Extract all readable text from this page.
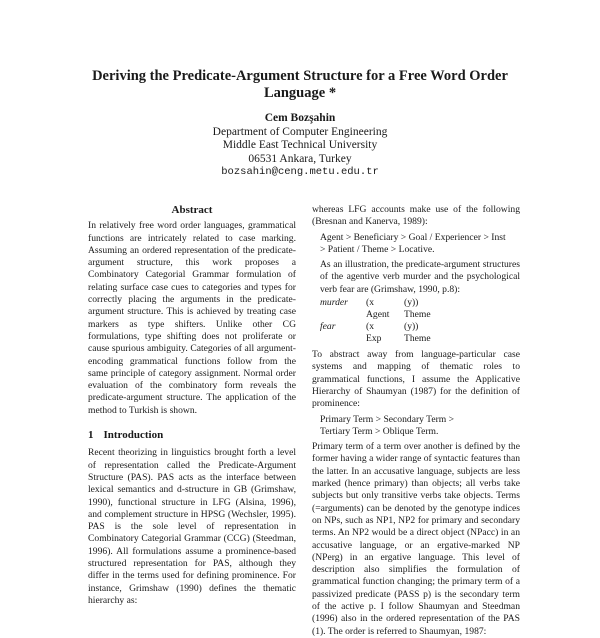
Deriving the Predicate-Argument Structure for a Free Word Order Language *
Cem Bozşahin
Department of Computer Engineering
Middle East Technical University
06531 Ankara, Turkey
bozsahin@ceng.metu.edu.tr
Abstract

In relatively free word order languages, grammatical functions are intricately related to case marking. Assuming an ordered representation of the predicate-argument structure, this work proposes a Combinatory Categorial Grammar formulation of relating surface case cues to categories and types for correctly placing the arguments in the predicate-argument structure. This is achieved by treating case markers as type shifters. Unlike other CG formulations, type shifting does not proliferate or cause spurious ambiguity. Categories of all argument-encoding grammatical functions follow from the same principle of category assignment. Normal order evaluation of the combinatory form reveals the predicate-argument structure. The application of the method to Turkish is shown.

1 Introduction

Recent theorizing in linguistics brought forth a level of representation called the Predicate-Argument Structure (PAS). PAS acts as the interface between lexical semantics and d-structure in GB (Grimshaw, 1990), functional structure in LFG (Alsina, 1996), and complement structure in HPSG (Wechsler, 1995). PAS is the sole level of representation in Combinatory Categorial Grammar (CCG) (Steedman, 1996). All formulations assume a prominence-based structured representation for PAS, although they differ in the terms used for defining prominence. For instance, Grimshaw (1990) defines the thematic hierarchy as:

whereas LFG accounts make use of the following (Bresnan and Kanerva, 1989):

Agent > Beneficiary > Goal / Experiencer > Inst
> Patient / Theme > Locative.

As an illustration, the predicate-argument structures of the agentive verb murder and the psychological verb fear are (Grimshaw, 1990, p.8):

murder	(x	(y))
	Agent	Theme
fear	(x	(y))
	Exp	Theme

To abstract away from language-particular case systems and mapping of thematic roles to grammatical functions, I assume the Applicative Hierarchy of Shaumyan (1987) for the definition of prominence:

Primary Term > Secondary Term >
Tertiary Term > Oblique Term.

Primary term of a term over another is defined by the former having a wider range of syntactic features than the latter. In an accusative language, subjects are less marked (hence primary) than objects; all verbs take subjects but only transitive verbs take objects. Terms (=arguments) can be denoted by the genotype indices on NPs, such as NP1, NP2 for primary and secondary terms. An NP2 would be a direct object (NPacc) in an accusative language, or an ergative-marked NP (NPerg) in an ergative language. This level of description also simplifies the formulation of grammatical function changing; the primary term of a passivized predicate (PASS p) is the secondary term of the active p. I follow Shaumyan and Steedman (1996) also in the ordered representation of the PAS (1). The order is referred to Shaumyan, 1987:
